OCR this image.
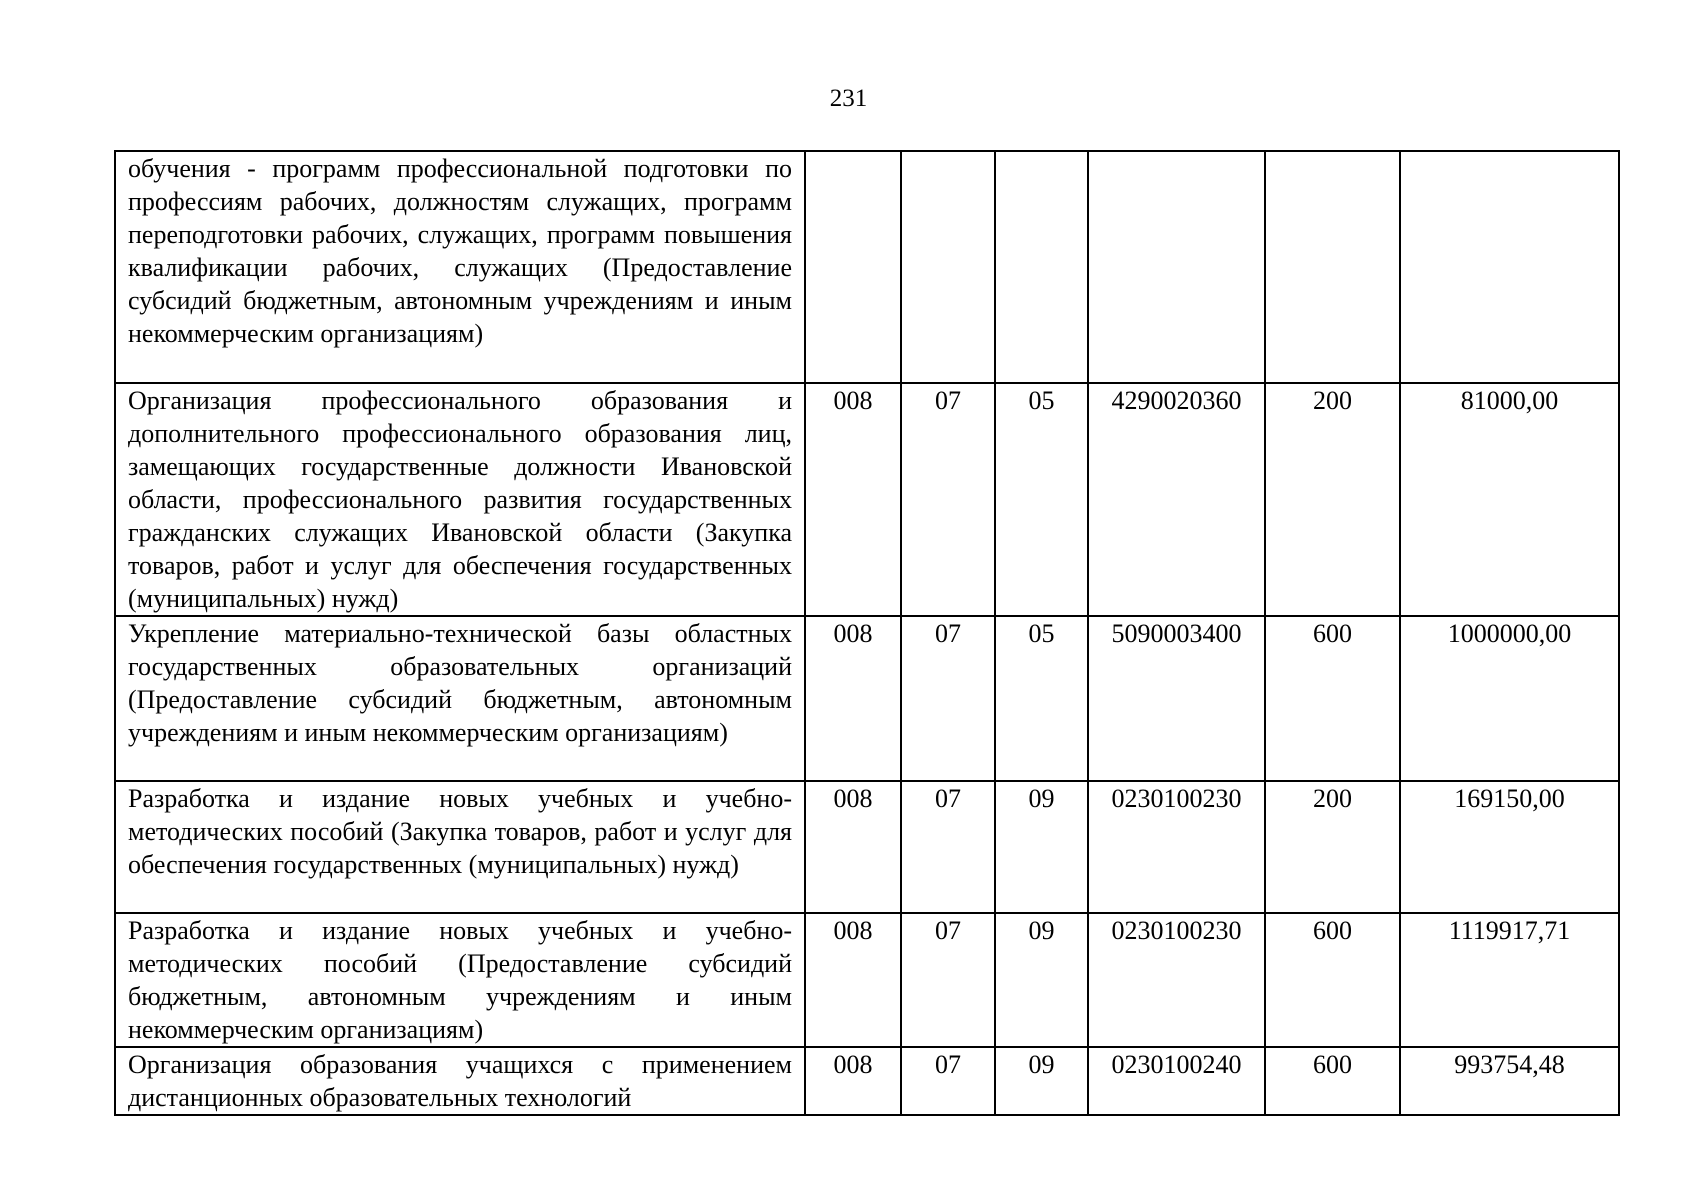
231
обучения - программ профессиональной подготовки по профессиям рабочих, должностям служащих, программ переподготовки рабочих, служащих, программ повышения квалификации рабочих, служащих (Предоставление субсидий бюджетным, автономным учреждениям и иным некоммерческим организациям)						
Организация профессионального образования и дополнительного профессионального образования лиц, замещающих государственные должности Ивановской области, профессионального развития государственных гражданских служащих Ивановской области (Закупка товаров, работ и услуг для обеспечения государственных (муниципальных) нужд)	008	07	05	4290020360	200	81000,00
Укрепление материально-технической базы областных государственных образовательных организаций (Предоставление субсидий бюджетным, автономным учреждениям и иным некоммерческим организациям)	008	07	05	5090003400	600	1000000,00
Разработка и издание новых учебных и учебно-методических пособий (Закупка товаров, работ и услуг для обеспечения государственных (муниципальных) нужд)	008	07	09	0230100230	200	169150,00
Разработка и издание новых учебных и учебно-методических пособий (Предоставление субсидий бюджетным, автономным учреждениям и иным некоммерческим организациям)	008	07	09	0230100230	600	1119917,71
Организация образования учащихся с применением дистанционных образовательных технологий	008	07	09	0230100240	600	993754,48
